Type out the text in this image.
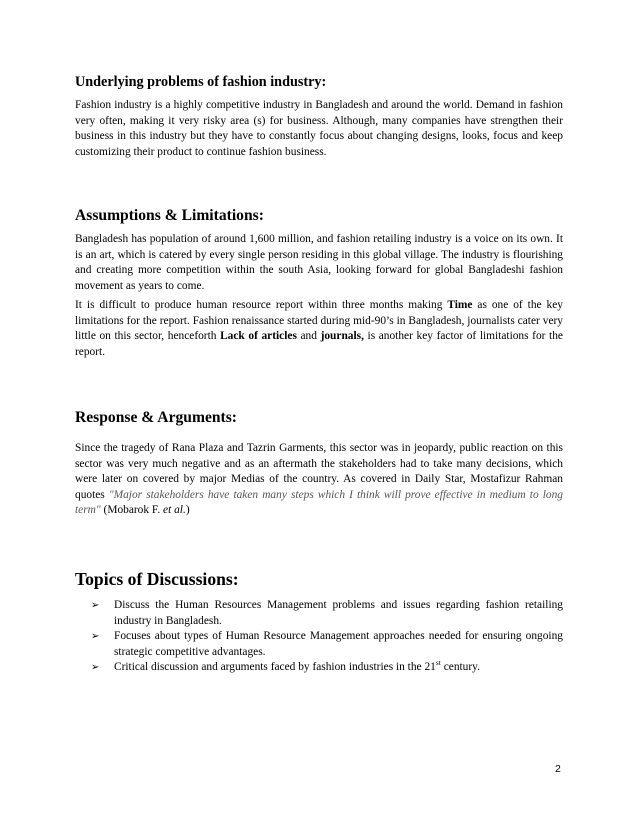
Underlying problems of fashion industry:

Fashion industry is a highly competitive industry in Bangladesh and around the world. Demand in fashion very often, making it very risky area (s) for business. Although, many companies have strengthen their business in this industry but they have to constantly focus about changing designs, looks, focus and keep customizing their product to continue fashion business.

Assumptions & Limitations:

Bangladesh has population of around 1,600 million, and fashion retailing industry is a voice on its own. It is an art, which is catered by every single person residing in this global village. The industry is flourishing and creating more competition within the south Asia, looking forward for global Bangladeshi fashion movement as years to come.

It is difficult to produce human resource report within three months making Time as one of the key limitations for the report. Fashion renaissance started during mid-90’s in Bangladesh, journalists cater very little on this sector, henceforth Lack of articles and journals, is another key factor of limitations for the report.

Response & Arguments:

Since the tragedy of Rana Plaza and Tazrin Garments, this sector was in jeopardy, public reaction on this sector was very much negative and as an aftermath the stakeholders had to take many decisions, which were later on covered by major Medias of the country. As covered in Daily Star, Mostafizur Rahman quotes "Major stakeholders have taken many steps which I think will prove effective in medium to long term" (Mobarok F. et al.)

Topics of Discussions:
➢ Discuss the Human Resources Management problems and issues regarding fashion retailing industry in Bangladesh.
➢ Focuses about types of Human Resource Management approaches needed for ensuring ongoing strategic competitive advantages.
➢ Critical discussion and arguments faced by fashion industries in the 21st century.
2
